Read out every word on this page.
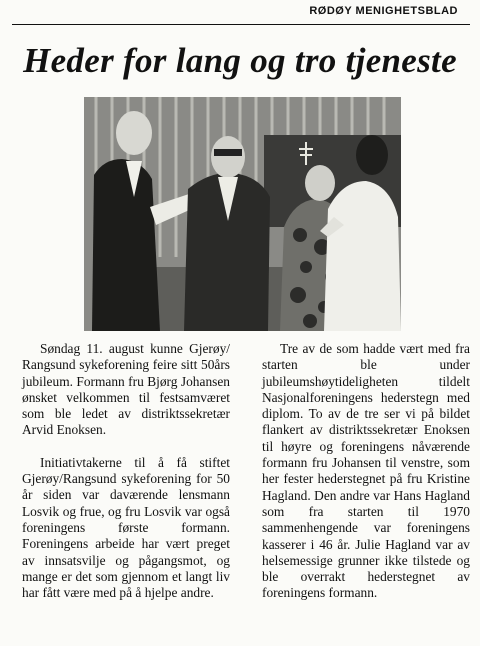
RØDØY MENIGHETSBLAD
Heder for lang og tro tjeneste

Søndag 11. august kunne Gjerøy/ Rangsund sykeforening feire sitt 50års jubileum. Formann fru Bjørg Johansen ønsket velkommen til festsamværet som ble ledet av distriktssekretær Arvid Enoksen.

Initiativtakerne til å få stiftet Gjerøy/Rangsund sykeforening for 50 år siden var daværende lensmann Losvik og frue, og fru Losvik var også foreningens første formann. Foreningens arbeide har vært preget av innsatsvilje og pågangsmot, og mange er det som gjennom et langt liv har fått være med på å hjelpe andre.

Tre av de som hadde vært med fra starten ble under jubileumshøytideligheten tildelt Nasjonalforeningens hederstegn med diplom. To av de tre ser vi på bildet flankert av distriktssekretær Enoksen til høyre og foreningens nåværende formann fru Johansen til venstre, som her fester hederstegnet på fru Kristine Hagland. Den andre var Hans Hagland som fra starten til 1970 sammenhengende var foreningens kasserer i 46 år. Julie Hagland var av helsemessige grunner ikke tilstede og ble overrakt hederstegnet av foreningens formann.
